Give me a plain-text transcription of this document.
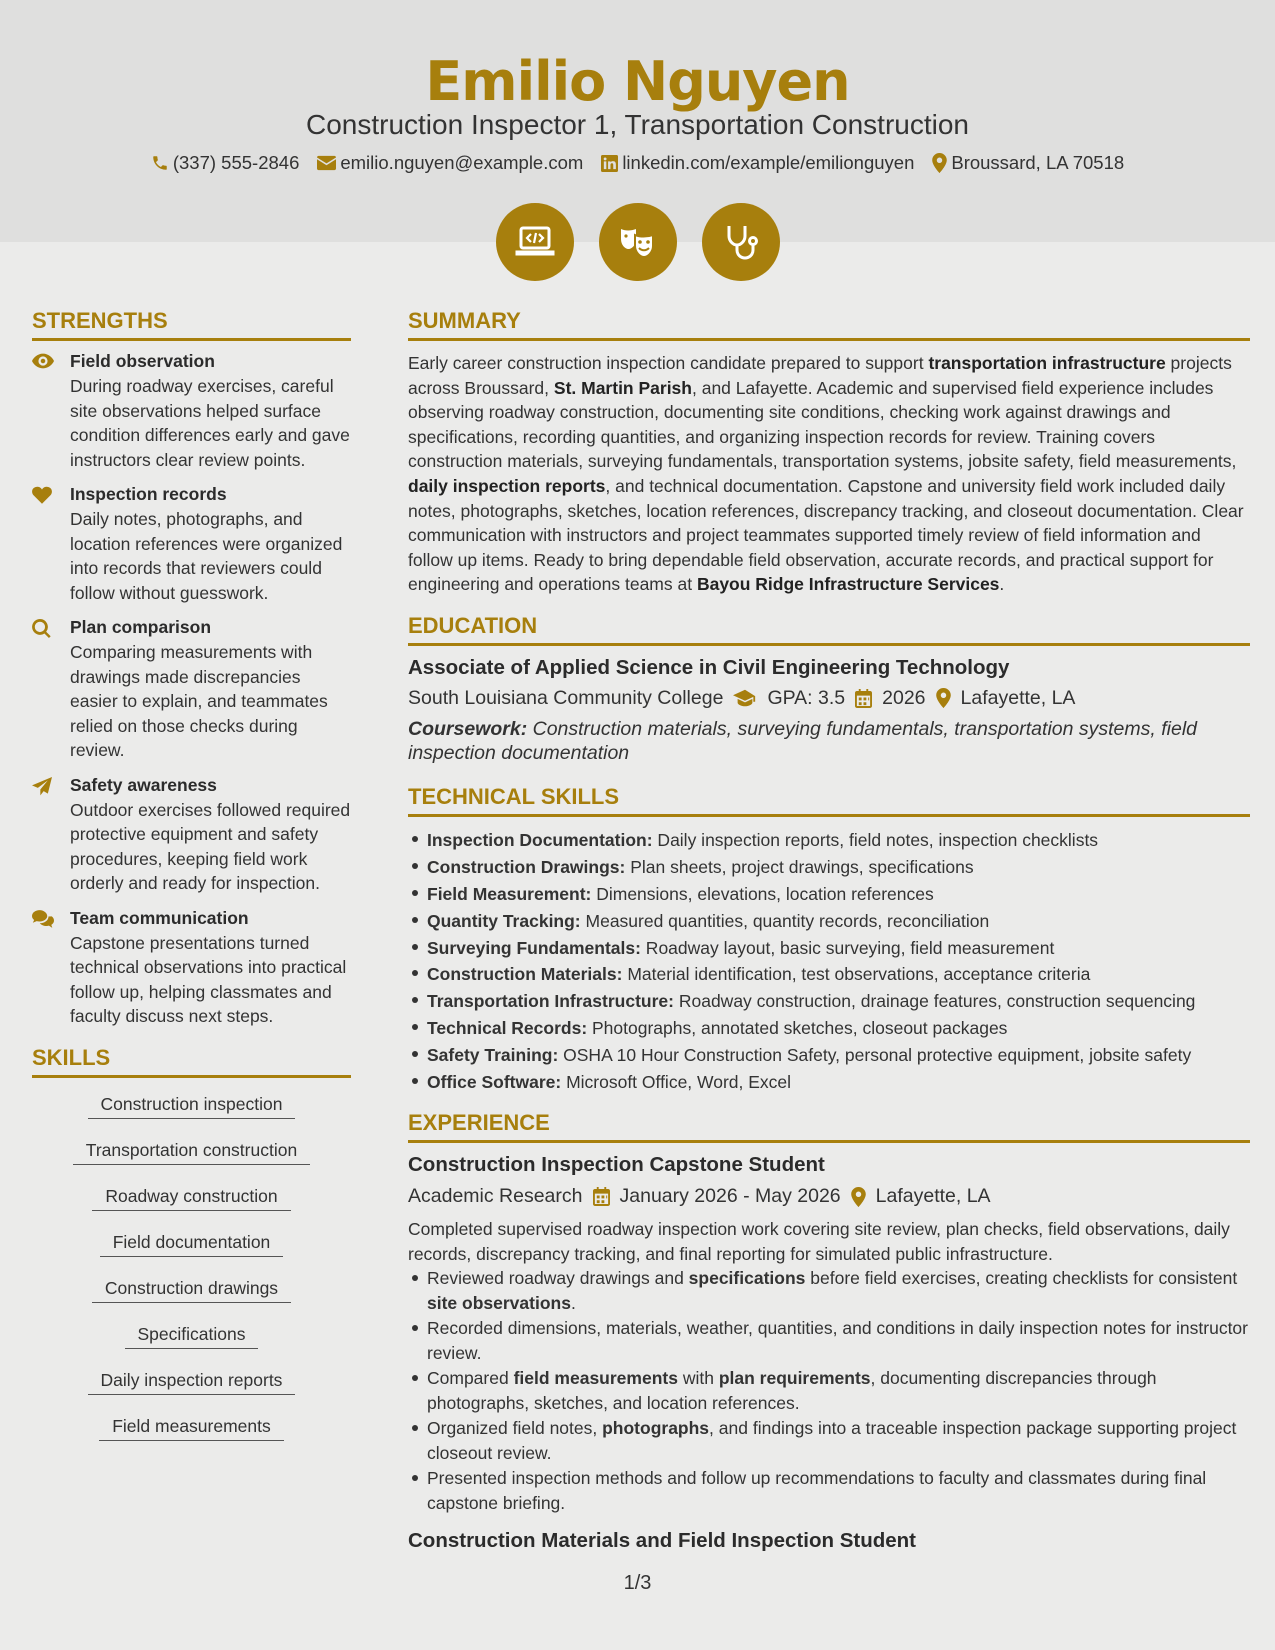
Emilio Nguyen
Construction Inspector 1, Transportation Construction
(337) 555-2846 emilio.nguyen@example.com linkedin.com/example/emilionguyen Broussard, LA 70518
STRENGTHS
Field observation
During roadway exercises, careful site observations helped surface condition differences early and gave instructors clear review points.
Inspection records
Daily notes, photographs, and location references were organized into records that reviewers could follow without guesswork.
Plan comparison
Comparing measurements with drawings made discrepancies easier to explain, and teammates relied on those checks during review.
Safety awareness
Outdoor exercises followed required protective equipment and safety procedures, keeping field work orderly and ready for inspection.
Team communication
Capstone presentations turned technical observations into practical follow up, helping classmates and faculty discuss next steps.
SKILLS
Construction inspection
Transportation construction
Roadway construction
Field documentation
Construction drawings
Specifications
Daily inspection reports
Field measurements
SUMMARY

Early career construction inspection candidate prepared to support transportation infrastructure projects across Broussard, St. Martin Parish, and Lafayette. Academic and supervised field experience includes observing roadway construction, documenting site conditions, checking work against drawings and specifications, recording quantities, and organizing inspection records for review. Training covers construction materials, surveying fundamentals, transportation systems, jobsite safety, field measurements, daily inspection reports, and technical documentation. Capstone and university field work included daily notes, photographs, sketches, location references, discrepancy tracking, and closeout documentation. Clear communication with instructors and project teammates supported timely review of field information and follow up items. Ready to bring dependable field observation, accurate records, and practical support for engineering and operations teams at Bayou Ridge Infrastructure Services.

EDUCATION
Associate of Applied Science in Civil Engineering Technology
South Louisiana Community College GPA: 3.5 2026 Lafayette, LA
Coursework: Construction materials, surveying fundamentals, transportation systems, field inspection documentation
TECHNICAL SKILLS
Inspection Documentation: Daily inspection reports, field notes, inspection checklists
Construction Drawings: Plan sheets, project drawings, specifications
Field Measurement: Dimensions, elevations, location references
Quantity Tracking: Measured quantities, quantity records, reconciliation
Surveying Fundamentals: Roadway layout, basic surveying, field measurement
Construction Materials: Material identification, test observations, acceptance criteria
Transportation Infrastructure: Roadway construction, drainage features, construction sequencing
Technical Records: Photographs, annotated sketches, closeout packages
Safety Training: OSHA 10 Hour Construction Safety, personal protective equipment, jobsite safety
Office Software: Microsoft Office, Word, Excel
EXPERIENCE
Construction Inspection Capstone Student
Academic Research January 2026 - May 2026 Lafayette, LA

Completed supervised roadway inspection work covering site review, plan checks, field observations, daily records, discrepancy tracking, and final reporting for simulated public infrastructure.

Reviewed roadway drawings and specifications before field exercises, creating checklists for consistent site observations.
Recorded dimensions, materials, weather, quantities, and conditions in daily inspection notes for instructor review.
Compared field measurements with plan requirements, documenting discrepancies through photographs, sketches, and location references.
Organized field notes, photographs, and findings into a traceable inspection package supporting project closeout review.
Presented inspection methods and follow up recommendations to faculty and classmates during final capstone briefing.
Construction Materials and Field Inspection Student
1/3
